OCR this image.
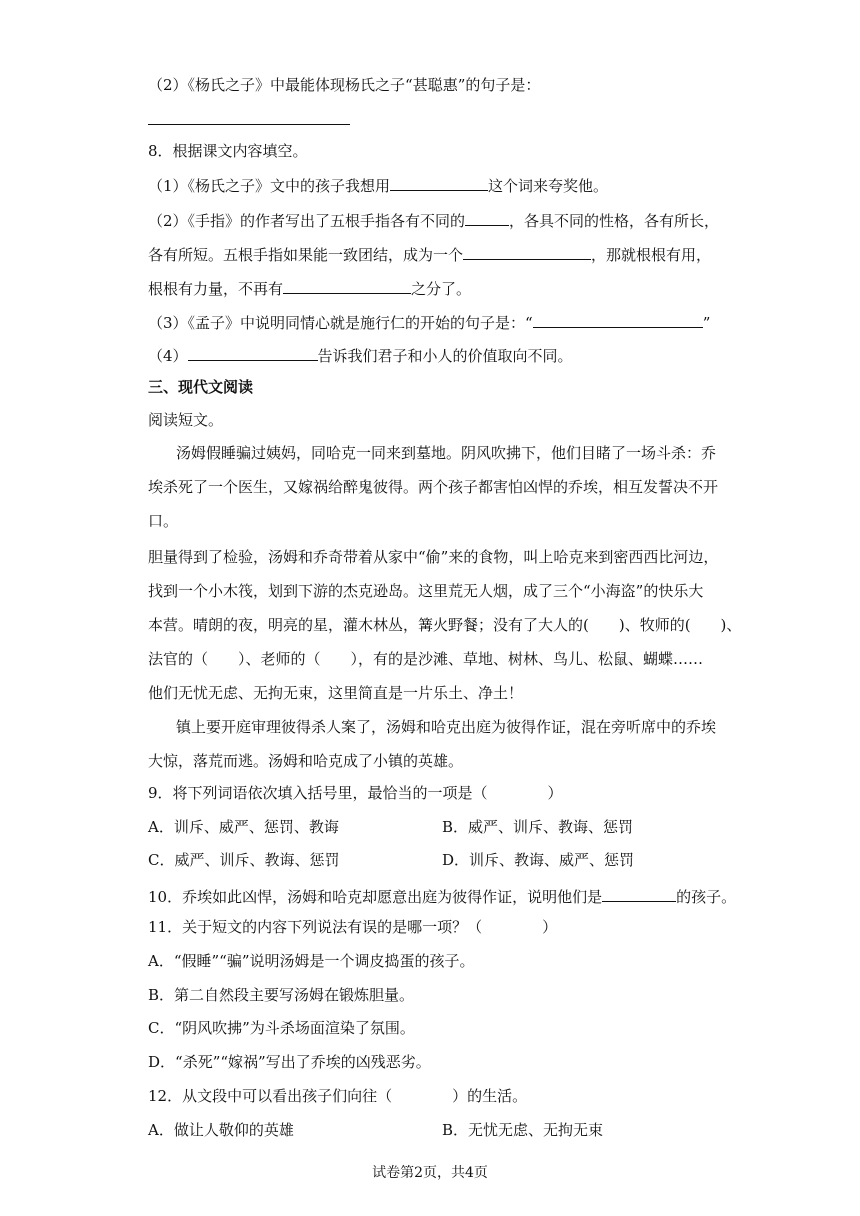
（2）《杨氏之子》中最能体现杨氏之子“甚聪惠”的句子是：
8．根据课文内容填空。
（1）《杨氏之子》文中的孩子我想用	这个词来夸奖他。
（2）《手指》的作者写出了五根手指各有不同的	，各具不同的性格，各有所长，
各有所短。五根手指如果能一致团结，成为一个	，那就根根有用，
根根有力量，不再有	之分了。
（3）《孟子》中说明同情心就是施行仁的开始的句子是：“	”
（4）	告诉我们君子和小人的价值取向不同。
三、现代文阅读
阅读短文。
汤姆假睡骗过姨妈，同哈克一同来到墓地。阴风吹拂下，他们目睹了一场斗杀：乔
埃杀死了一个医生，又嫁祸给醉鬼彼得。两个孩子都害怕凶悍的乔埃，相互发誓决不开
口。
胆量得到了检验，汤姆和乔奇带着从家中“偷”来的食物，叫上哈克来到密西西比河边，
找到一个小木筏，划到下游的杰克逊岛。这里荒无人烟，成了三个“小海盗”的快乐大
本营。晴朗的夜，明亮的星，灌木林丛，篝火野餐；没有了大人的(　　)、牧师的(　　)、
法官的（　　）、老师的（　　），有的是沙滩、草地、树林、鸟儿、松鼠、蝴蝶……
他们无忧无虑、无拘无束，这里简直是一片乐土、净土！
镇上要开庭审理彼得杀人案了，汤姆和哈克出庭为彼得作证，混在旁听席中的乔埃
大惊，落荒而逃。汤姆和哈克成了小镇的英雄。
9．将下列词语依次填入括号里，最恰当的一项是（　　　　）
A．训斥、威严、惩罚、教诲	B．威严、训斥、教诲、惩罚
C．威严、训斥、教诲、惩罚	D．训斥、教诲、威严、惩罚
10．乔埃如此凶悍，汤姆和哈克却愿意出庭为彼得作证，说明他们是	的孩子。
11．关于短文的内容下列说法有误的是哪一项？（　　　　）
A．“假睡”“骗”说明汤姆是一个调皮捣蛋的孩子。
B．第二自然段主要写汤姆在锻炼胆量。
C．“阴风吹拂”为斗杀场面渲染了氛围。
D．“杀死”“嫁祸”写出了乔埃的凶残恶劣。
12．从文段中可以看出孩子们向往（　　　　）的生活。
A．做让人敬仰的英雄	B．无忧无虑、无拘无束
试卷第2页，共4页
